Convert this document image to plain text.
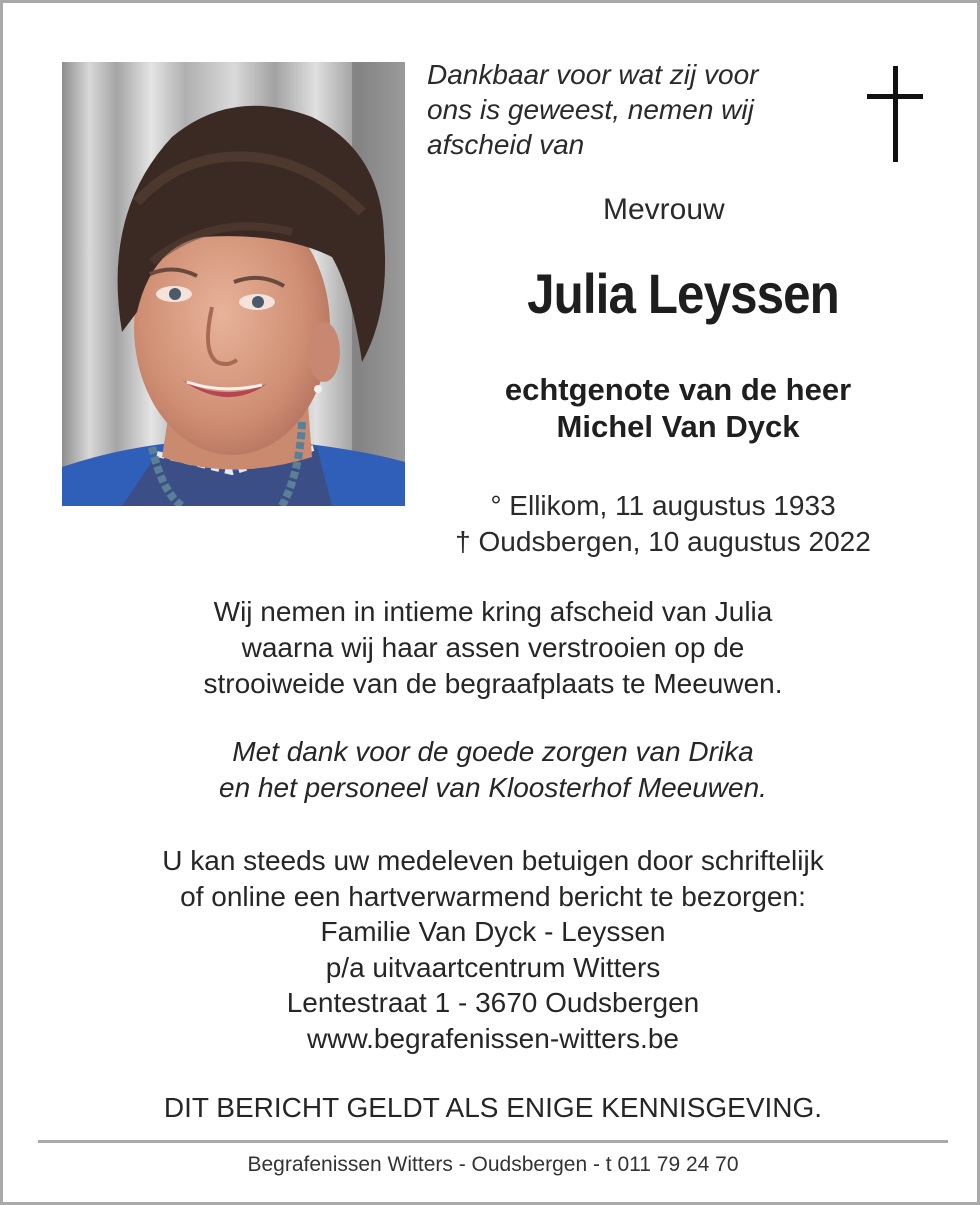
Dankbaar voor wat zij voor
ons is geweest, nemen wij
afscheid van
Mevrouw
Julia Leyssen
echtgenote van de heer
Michel Van Dyck
° Ellikom, 11 augustus 1933
† Oudsbergen, 10 augustus 2022
Wij nemen in intieme kring afscheid van Julia
waarna wij haar assen verstrooien op de
strooiweide van de begraafplaats te Meeuwen.
Met dank voor de goede zorgen van Drika
en het personeel van Kloosterhof Meeuwen.
U kan steeds uw medeleven betuigen door schriftelijk
of online een hartverwarmend bericht te bezorgen:
Familie Van Dyck - Leyssen
p/a uitvaartcentrum Witters
Lentestraat 1 - 3670 Oudsbergen
www.begrafenissen-witters.be
DIT BERICHT GELDT ALS ENIGE KENNISGEVING.
Begrafenissen Witters - Oudsbergen - t 011 79 24 70
